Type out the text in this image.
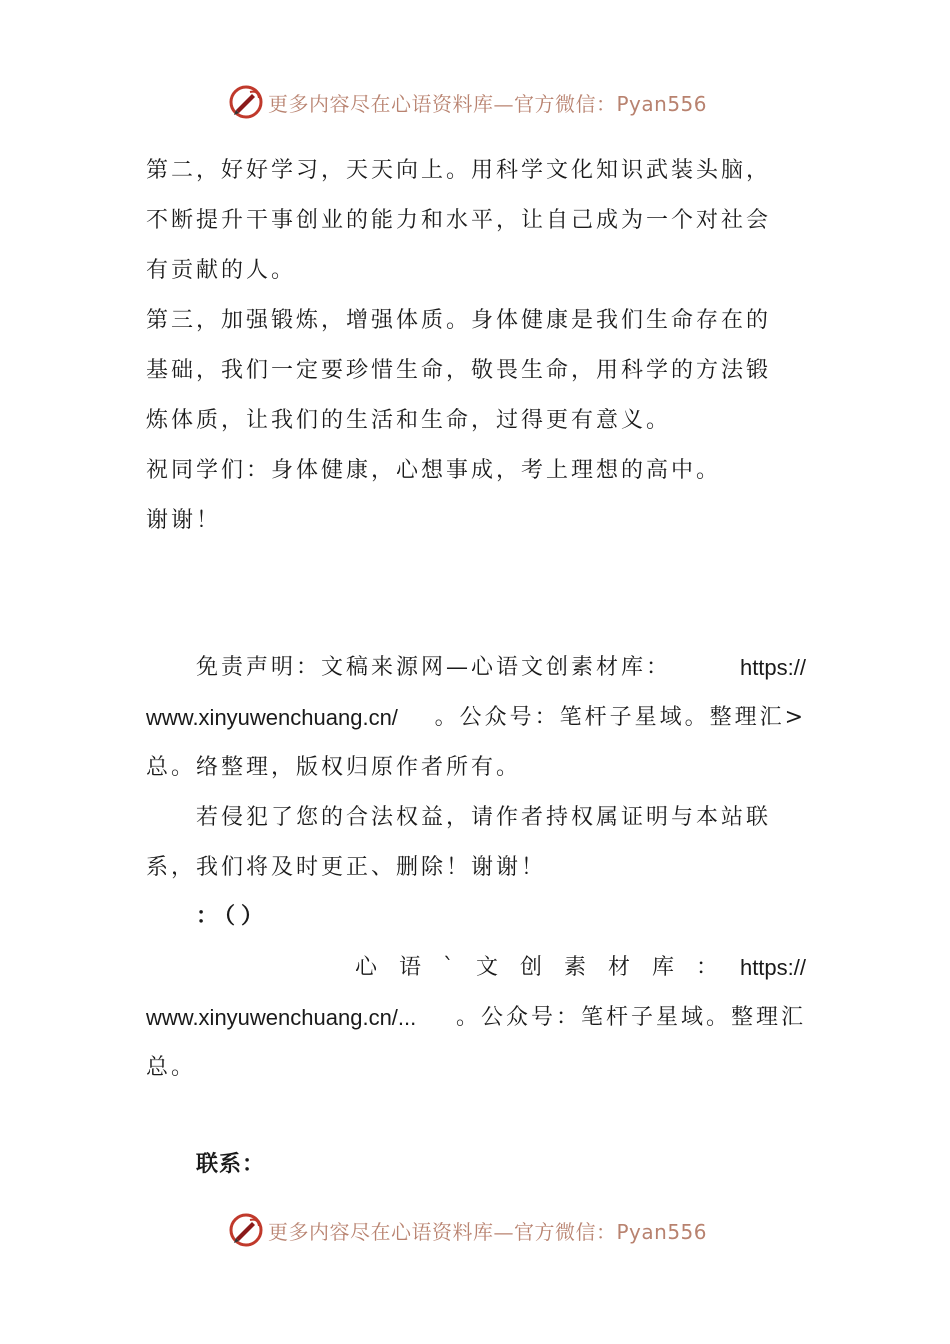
更多内容尽在心语资料库—官方微信：Pyan556
第二，好好学习，天天向上。用科学文化知识武装头脑，
不断提升干事创业的能力和水平，让自己成为一个对社会
有贡献的人。
第三，加强锻炼，增强体质。身体健康是我们生命存在的
基础，我们一定要珍惜生命，敬畏生命，用科学的方法锻
炼体质，让我们的生活和生命，过得更有意义。
祝同学们：身体健康，心想事成，考上理想的高中。
谢谢！
免责声明：文稿来源网—心语文创素材库：	https://
www.xinyuwenchuang.cn/ 。公众号：笔杆子星域。整理汇>
总。络整理，版权归原作者所有。
若侵犯了您的合法权益，请作者持权属证明与本站联
系，我们将及时更正、删除！谢谢！
：（）
心语`文创素材库： https://
www.xinyuwenchuang.cn/... 。公众号：笔杆子星域。整理汇
总。
联系：
更多内容尽在心语资料库—官方微信：Pyan556
